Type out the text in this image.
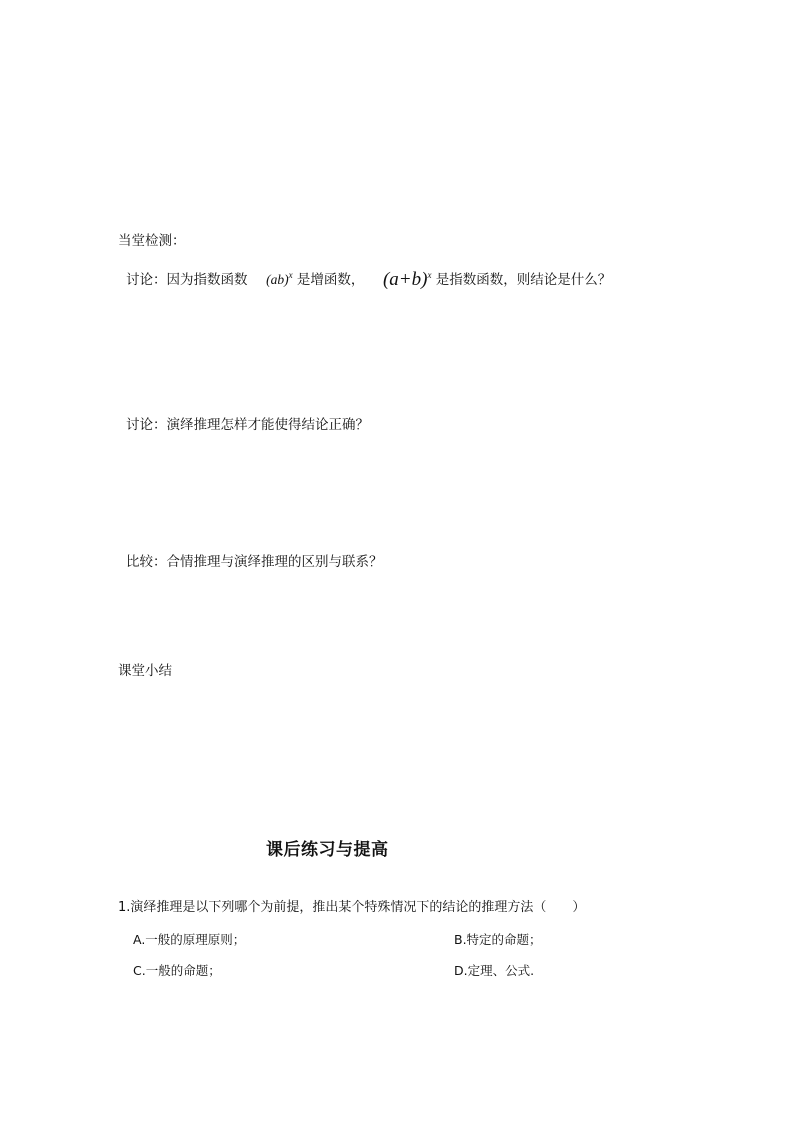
当堂检测：
讨论：因为指数函数 (ab)$^x$ 是增函数， $(a+b)^x$ 是指数函数，则结论是什么？
讨论：演绎推理怎样才能使得结论正确？
比较：合情推理与演绎推理的区别与联系？
课堂小结
课后练习与提高
1.演绎推理是以下列哪个为前提，推出某个特殊情况下的结论的推理方法（　　）
A.一般的原理原则；	B.特定的命题；
C.一般的命题；	D.定理、公式.
